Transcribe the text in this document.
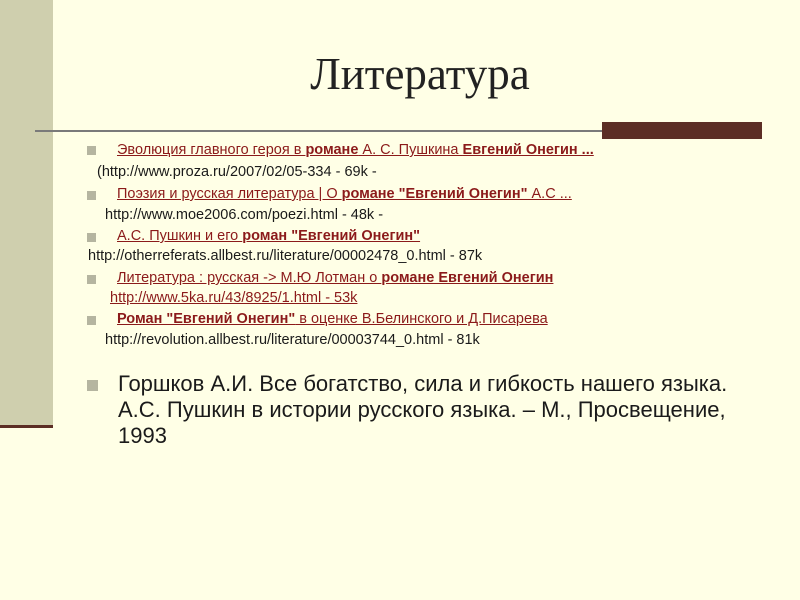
Литература
Эволюция главного героя в романе А. С. Пушкина Евгений Онегин ...
(http://www.proza.ru/2007/02/05-334 - 69k -
Поэзия и русская литература | О романе "Евгений Онегин" А.С ...
http://www.moe2006.com/poezi.html - 48k -
А.С. Пушкин и его роман "Евгений Онегин"
http://otherreferats.allbest.ru/literature/00002478_0.html - 87k
Литература : русская -> М.Ю Лотман о романе Евгений Онегин
http://www.5ka.ru/43/8925/1.html - 53k
Роман "Евгений Онегин" в оценке В.Белинского и Д.Писарева
http://revolution.allbest.ru/literature/00003744_0.html - 81k
Горшков А.И. Все богатство, сила и гибкость нашего языка. А.С. Пушкин в истории русского языка. – М., Просвещение, 1993
